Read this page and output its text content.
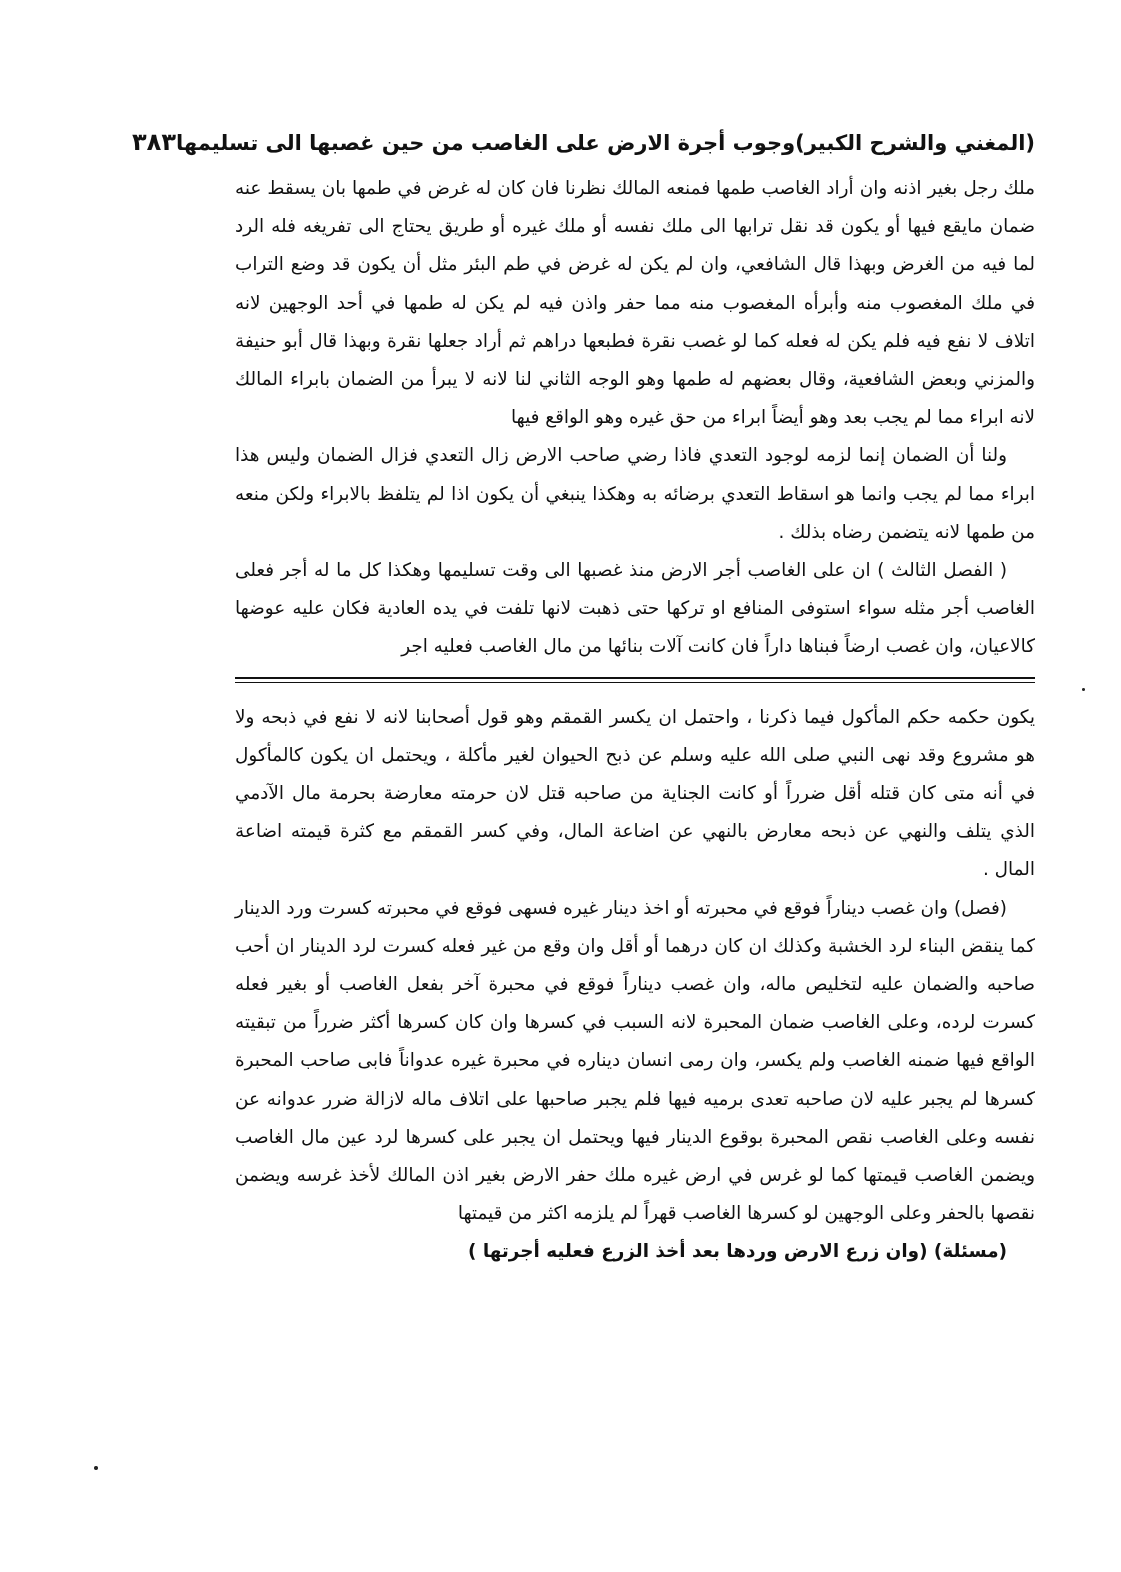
(المغني والشرح الكبير)
وجوب أجرة الارض على الغاصب من حين غصبها الى تسليمها
٣٨٣

ملك رجل بغير اذنه وان أراد الغاصب طمها فمنعه المالك نظرنا فان كان له غرض في طمها بان يسقط عنه ضمان مايقع فيها أو يكون قد نقل ترابها الى ملك نفسه أو ملك غيره أو طريق يحتاج الى تفريغه فله الرد لما فيه من الغرض وبهذا قال الشافعي، وان لم يكن له غرض في طم البئر مثل أن يكون قد وضع التراب في ملك المغصوب منه وأبرأه المغصوب منه مما حفر واذن فيه لم يكن له طمها في أحد الوجهين لانه اتلاف لا نفع فيه فلم يكن له فعله كما لو غصب نقرة فطبعها دراهم ثم أراد جعلها نقرة وبهذا قال أبو حنيفة والمزني وبعض الشافعية، وقال بعضهم له طمها وهو الوجه الثاني لنا لانه لا يبرأ من الضمان بابراء المالك لانه ابراء مما لم يجب بعد وهو أيضاً ابراء من حق غيره وهو الواقع فيها

ولنا أن الضمان إنما لزمه لوجود التعدي فاذا رضي صاحب الارض زال التعدي فزال الضمان وليس هذا ابراء مما لم يجب وانما هو اسقاط التعدي برضائه به وهكذا ينبغي أن يكون اذا لم يتلفظ بالابراء ولكن منعه من طمها لانه يتضمن رضاه بذلك .

( الفصل الثالث ) ان على الغاصب أجر الارض منذ غصبها الى وقت تسليمها وهكذا كل ما له أجر فعلى الغاصب أجر مثله سواء استوفى المنافع او تركها حتى ذهبت لانها تلفت في يده العادية فكان عليه عوضها كالاعيان، وان غصب ارضاً فبناها داراً فان كانت آلات بنائها من مال الغاصب فعليه اجر

يكون حكمه حكم المأكول فيما ذكرنا ، واحتمل ان يكسر القمقم وهو قول أصحابنا لانه لا نفع في ذبحه ولا هو مشروع وقد نهى النبي صلى الله عليه وسلم عن ذبح الحيوان لغير مأكلة ، ويحتمل ان يكون كالمأكول في أنه متى كان قتله أقل ضرراً أو كانت الجناية من صاحبه قتل لان حرمته معارضة بحرمة مال الآدمي الذي يتلف والنهي عن ذبحه معارض بالنهي عن اضاعة المال، وفي كسر القمقم مع كثرة قيمته اضاعة المال .

(فصل) وان غصب ديناراً فوقع في محبرته أو اخذ دينار غيره فسهى فوقع في محبرته كسرت ورد الدينار كما ينقض البناء لرد الخشبة وكذلك ان كان درهما أو أقل وان وقع من غير فعله كسرت لرد الدينار ان أحب صاحبه والضمان عليه لتخليص ماله، وان غصب ديناراً فوقع في محبرة آخر بفعل الغاصب أو بغير فعله كسرت لرده، وعلى الغاصب ضمان المحبرة لانه السبب في كسرها وان كان كسرها أكثر ضرراً من تبقيته الواقع فيها ضمنه الغاصب ولم يكسر، وان رمى انسان ديناره في محبرة غيره عدواناً فابى صاحب المحبرة كسرها لم يجبر عليه لان صاحبه تعدى برميه فيها فلم يجبر صاحبها على اتلاف ماله لازالة ضرر عدوانه عن نفسه وعلى الغاصب نقص المحبرة بوقوع الدينار فيها ويحتمل ان يجبر على كسرها لرد عين مال الغاصب ويضمن الغاصب قيمتها كما لو غرس في ارض غيره ملك حفر الارض بغير اذن المالك لأخذ غرسه ويضمن نقصها بالحفر وعلى الوجهين لو كسرها الغاصب قهراً لم يلزمه اكثر من قيمتها

(مسئلة) (وان زرع الارض وردها بعد أخذ الزرع فعليه أجرتها )
